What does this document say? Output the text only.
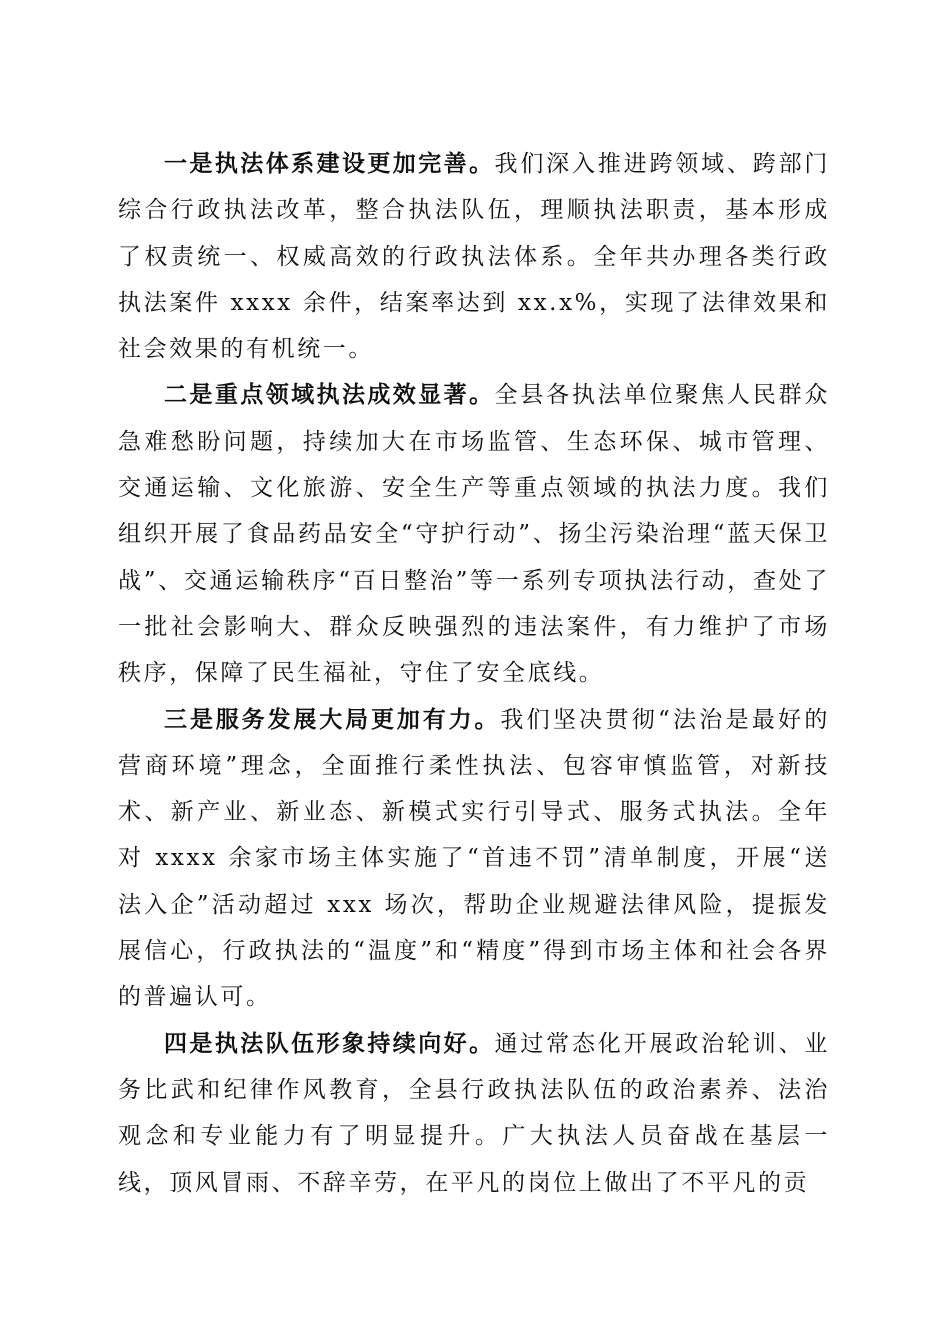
一是执法体系建设更加完善。我们深入推进跨领域、跨部门综合行政执法改革，整合执法队伍，理顺执法职责，基本形成了权责统一、权威高效的行政执法体系。全年共办理各类行政执法案件 xxxx 余件，结案率达到 xx.x%，实现了法律效果和社会效果的有机统一。

二是重点领域执法成效显著。全县各执法单位聚焦人民群众急难愁盼问题，持续加大在市场监管、生态环保、城市管理、交通运输、文化旅游、安全生产等重点领域的执法力度。我们组织开展了食品药品安全“守护行动”、扬尘污染治理“蓝天保卫战”、交通运输秩序“百日整治”等一系列专项执法行动，查处了一批社会影响大、群众反映强烈的违法案件，有力维护了市场秩序，保障了民生福祉，守住了安全底线。

三是服务发展大局更加有力。我们坚决贯彻“法治是最好的营商环境”理念，全面推行柔性执法、包容审慎监管，对新技术、新产业、新业态、新模式实行引导式、服务式执法。全年对 xxxx 余家市场主体实施了“首违不罚”清单制度，开展“送法入企”活动超过 xxx 场次，帮助企业规避法律风险，提振发展信心，行政执法的“温度”和“精度”得到市场主体和社会各界的普遍认可。

四是执法队伍形象持续向好。通过常态化开展政治轮训、业务比武和纪律作风教育，全县行政执法队伍的政治素养、法治观念和专业能力有了明显提升。广大执法人员奋战在基层一线，顶风冒雨、不辞辛劳，在平凡的岗位上做出了不平凡的贡
